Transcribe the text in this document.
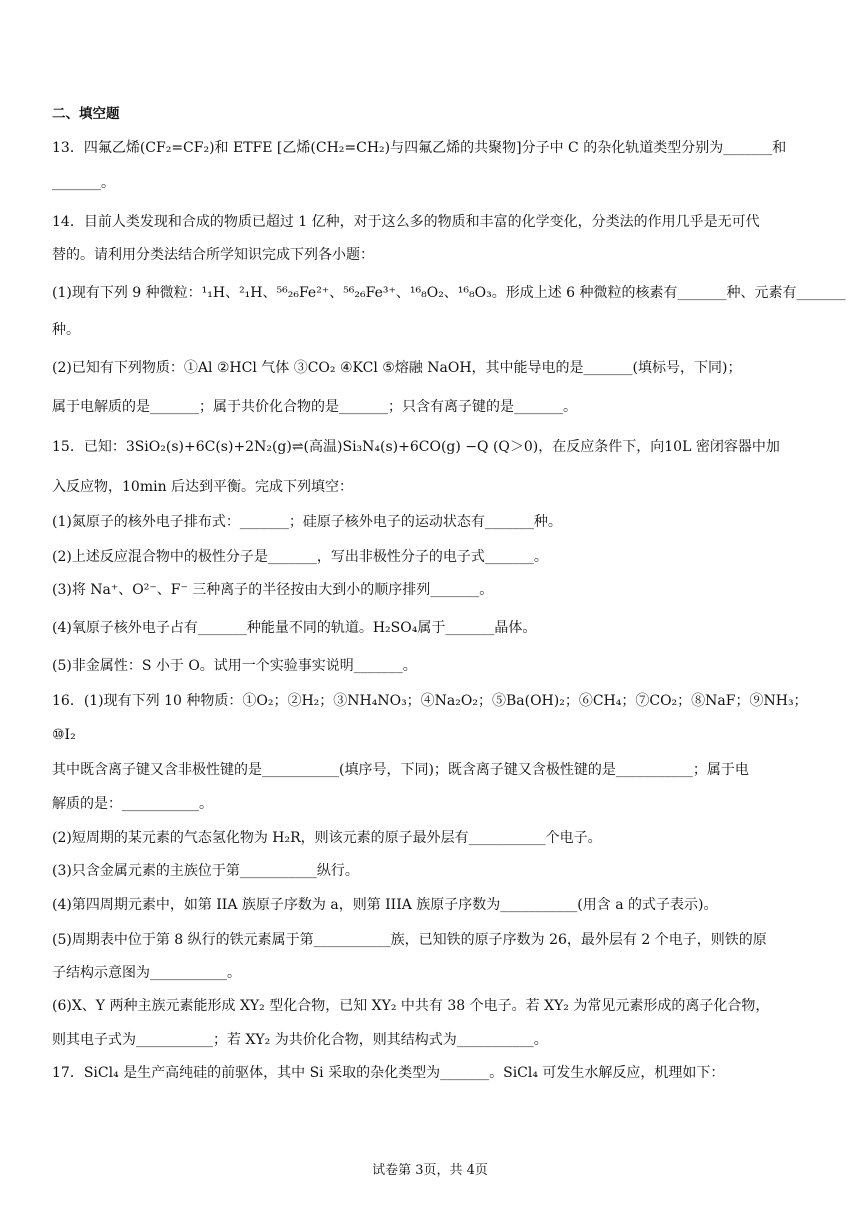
二、填空题
13．四氟乙烯(CF₂=CF₂)和 ETFE [乙烯(CH₂=CH₂)与四氟乙烯的共聚物]分子中 C 的杂化轨道类型分别为_______和
_______。
14．目前人类发现和合成的物质已超过 1 亿种，对于这么多的物质和丰富的化学变化，分类法的作用几乎是无可代
替的。请利用分类法结合所学知识完成下列各小题：
(1)现有下列 9 种微粒：¹₁H、²₁H、⁵⁶₂₆Fe²⁺、⁵⁶₂₆Fe³⁺、¹⁶₈O₂、¹⁶₈O₃。形成上述 6 种微粒的核素有_______种、元素有_______
种。
(2)已知有下列物质：①Al ②HCl 气体 ③CO₂ ④KCl ⑤熔融 NaOH，其中能导电的是_______(填标号，下同)；
属于电解质的是_______；属于共价化合物的是_______；只含有离子键的是_______。
15．已知：3SiO₂(s)+6C(s)+2N₂(g)⇌(高温)Si₃N₄(s)+6CO(g) −Q (Q＞0)，在反应条件下，向10L 密闭容器中加
入反应物，10min 后达到平衡。完成下列填空：
(1)氮原子的核外电子排布式：_______；硅原子核外电子的运动状态有_______种。
(2)上述反应混合物中的极性分子是_______，写出非极性分子的电子式_______。
(3)将 Na⁺、O²⁻、F⁻ 三种离子的半径按由大到小的顺序排列_______。
(4)氧原子核外电子占有_______种能量不同的轨道。H₂SO₄属于_______晶体。
(5)非金属性：S 小于 O。试用一个实验事实说明_______。
16．(1)现有下列 10 种物质：①O₂；②H₂；③NH₄NO₃；④Na₂O₂；⑤Ba(OH)₂；⑥CH₄；⑦CO₂；⑧NaF；⑨NH₃；
⑩I₂
其中既含离子键又含非极性键的是___________(填序号，下同)；既含离子键又含极性键的是___________；属于电
解质的是：___________。
(2)短周期的某元素的气态氢化物为 H₂R，则该元素的原子最外层有___________个电子。
(3)只含金属元素的主族位于第___________纵行。
(4)第四周期元素中，如第 IIA 族原子序数为 a，则第 IIIA 族原子序数为___________(用含 a 的式子表示)。
(5)周期表中位于第 8 纵行的铁元素属于第___________族，已知铁的原子序数为 26，最外层有 2 个电子，则铁的原
子结构示意图为___________。
(6)X、Y 两种主族元素能形成 XY₂ 型化合物，已知 XY₂ 中共有 38 个电子。若 XY₂ 为常见元素形成的离子化合物，
则其电子式为___________；若 XY₂ 为共价化合物，则其结构式为___________。
17．SiCl₄ 是生产高纯硅的前驱体，其中 Si 采取的杂化类型为_______。SiCl₄ 可发生水解反应，机理如下：
试卷第 3页，共 4页
